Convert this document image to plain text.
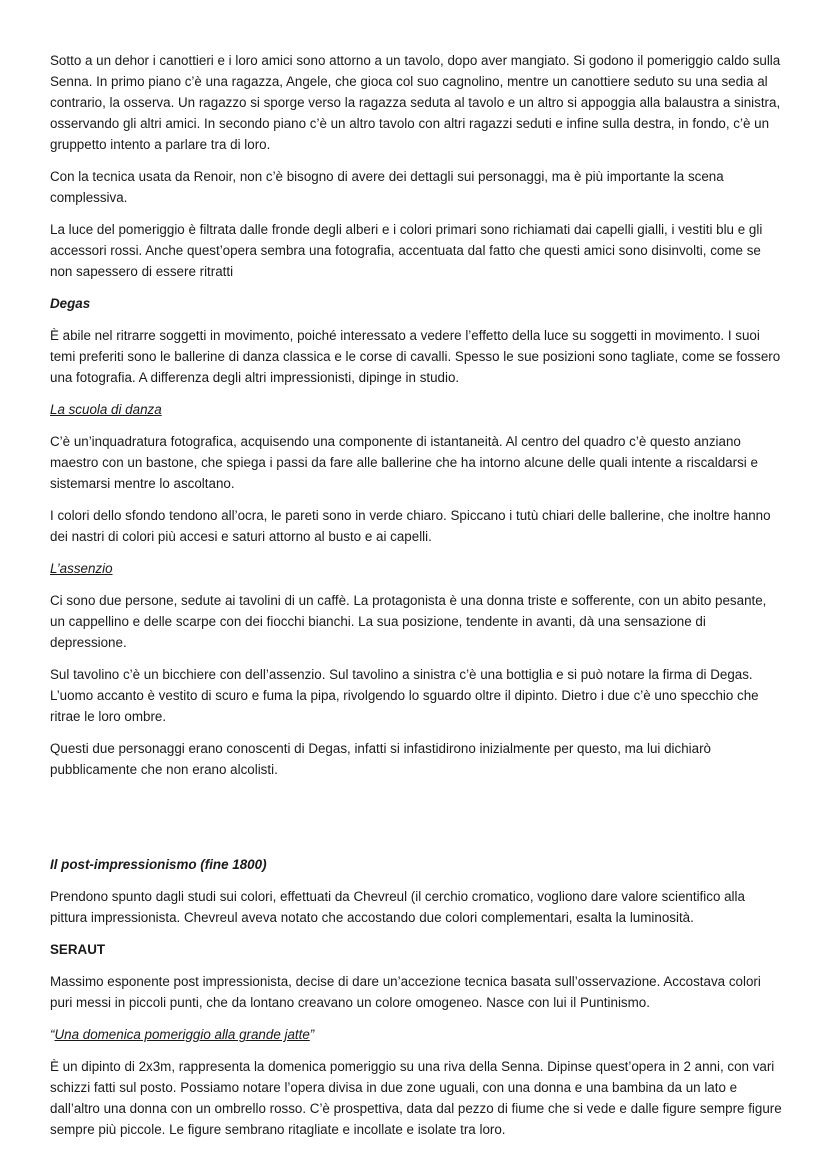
Sotto a un dehor i canottieri e i loro amici sono attorno a un tavolo, dopo aver mangiato. Si godono il pomeriggio caldo sulla Senna. In primo piano c’è una ragazza, Angele, che gioca col suo cagnolino, mentre un canottiere seduto su una sedia al contrario, la osserva. Un ragazzo si sporge verso la ragazza seduta al tavolo e un altro si appoggia alla balaustra a sinistra, osservando gli altri amici. In secondo piano c’è un altro tavolo con altri ragazzi seduti e infine sulla destra, in fondo, c’è un gruppetto intento a parlare tra di loro.

Con la tecnica usata da Renoir, non c’è bisogno di avere dei dettagli sui personaggi, ma è più importante la scena complessiva.

La luce del pomeriggio è filtrata dalle fronde degli alberi e i colori primari sono richiamati dai capelli gialli, i vestiti blu e gli accessori rossi. Anche quest’opera sembra una fotografia, accentuata dal fatto che questi amici sono disinvolti, come se non sapessero di essere ritratti

Degas

È abile nel ritrarre soggetti in movimento, poiché interessato a vedere l’effetto della luce su soggetti in movimento. I suoi temi preferiti sono le ballerine di danza classica e le corse di cavalli. Spesso le sue posizioni sono tagliate, come se fossero una fotografia. A differenza degli altri impressionisti, dipinge in studio.

La scuola di danza

C’è un’inquadratura fotografica, acquisendo una componente di istantaneità. Al centro del quadro c’è questo anziano maestro con un bastone, che spiega i passi da fare alle ballerine che ha intorno alcune delle quali intente a riscaldarsi e sistemarsi mentre lo ascoltano.

I colori dello sfondo tendono all’ocra, le pareti sono in verde chiaro. Spiccano i tutù chiari delle ballerine, che inoltre hanno dei nastri di colori più accesi e saturi attorno al busto e ai capelli.

L’assenzio

Ci sono due persone, sedute ai tavolini di un caffè. La protagonista è una donna triste e sofferente, con un abito pesante, un cappellino e delle scarpe con dei fiocchi bianchi. La sua posizione, tendente in avanti, dà una sensazione di depressione.

Sul tavolino c’è un bicchiere con dell’assenzio. Sul tavolino a sinistra c’è una bottiglia e si può notare la firma di Degas. L’uomo accanto è vestito di scuro e fuma la pipa, rivolgendo lo sguardo oltre il dipinto. Dietro i due c’è uno specchio che ritrae le loro ombre.

Questi due personaggi erano conoscenti di Degas, infatti si infastidirono inizialmente per questo, ma lui dichiarò pubblicamente che non erano alcolisti.

Il post-impressionismo (fine 1800)

Prendono spunto dagli studi sui colori, effettuati da Chevreul (il cerchio cromatico, vogliono dare valore scientifico alla pittura impressionista. Chevreul aveva notato che accostando due colori complementari, esalta la luminosità.

SERAUT

Massimo esponente post impressionista, decise di dare un’accezione tecnica basata sull’osservazione. Accostava colori puri messi in piccoli punti, che da lontano creavano un colore omogeneo. Nasce con lui il Puntinismo.

“Una domenica pomeriggio alla grande jatte”

È un dipinto di 2x3m, rappresenta la domenica pomeriggio su una riva della Senna. Dipinse quest’opera in 2 anni, con vari schizzi fatti sul posto. Possiamo notare l’opera divisa in due zone uguali, con una donna e una bambina da un lato e dall’altro una donna con un ombrello rosso. C’è prospettiva, data dal pezzo di fiume che si vede e dalle figure sempre figure sempre più piccole. Le figure sembrano ritagliate e incollate e isolate tra loro.
